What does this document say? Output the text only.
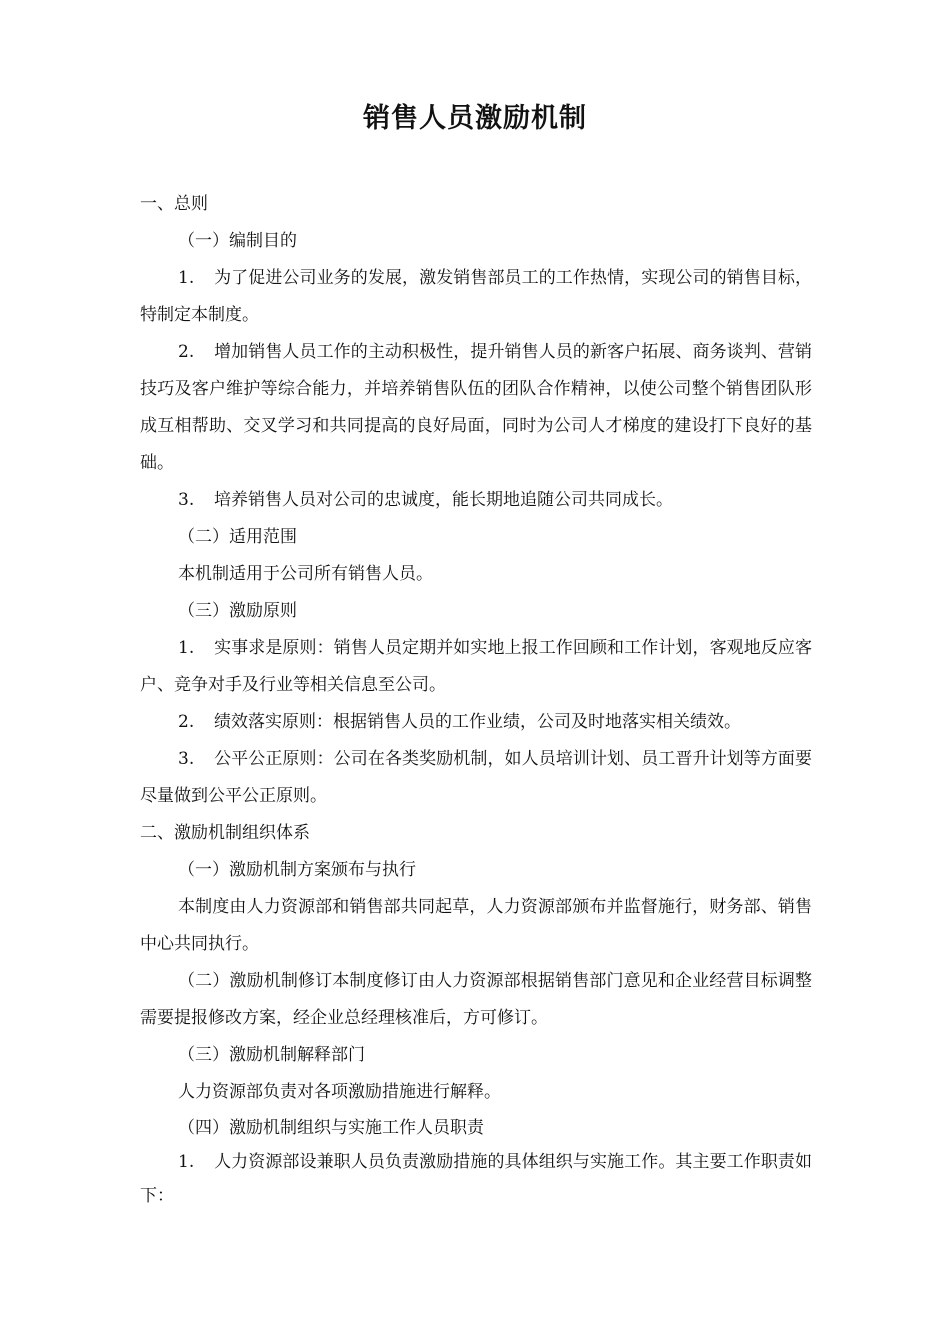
销售人员激励机制

一、总则

（一）编制目的

1. 为了促进公司业务的发展，激发销售部员工的工作热情，实现公司的销售目标，特制定本制度。

2. 增加销售人员工作的主动积极性，提升销售人员的新客户拓展、商务谈判、营销技巧及客户维护等综合能力，并培养销售队伍的团队合作精神，以使公司整个销售团队形成互相帮助、交叉学习和共同提高的良好局面，同时为公司人才梯度的建设打下良好的基础。

3. 培养销售人员对公司的忠诚度，能长期地追随公司共同成长。

（二）适用范围

本机制适用于公司所有销售人员。

（三）激励原则

1. 实事求是原则：销售人员定期并如实地上报工作回顾和工作计划，客观地反应客户、竞争对手及行业等相关信息至公司。

2. 绩效落实原则：根据销售人员的工作业绩，公司及时地落实相关绩效。

3. 公平公正原则：公司在各类奖励机制，如人员培训计划、员工晋升计划等方面要尽量做到公平公正原则。

二、激励机制组织体系

（一）激励机制方案颁布与执行

本制度由人力资源部和销售部共同起草，人力资源部颁布并监督施行，财务部、销售中心共同执行。

（二）激励机制修订本制度修订由人力资源部根据销售部门意见和企业经营目标调整需要提报修改方案，经企业总经理核准后，方可修订。

（三）激励机制解释部门

人力资源部负责对各项激励措施进行解释。

（四）激励机制组织与实施工作人员职责

1. 人力资源部设兼职人员负责激励措施的具体组织与实施工作。其主要工作职责如下：
